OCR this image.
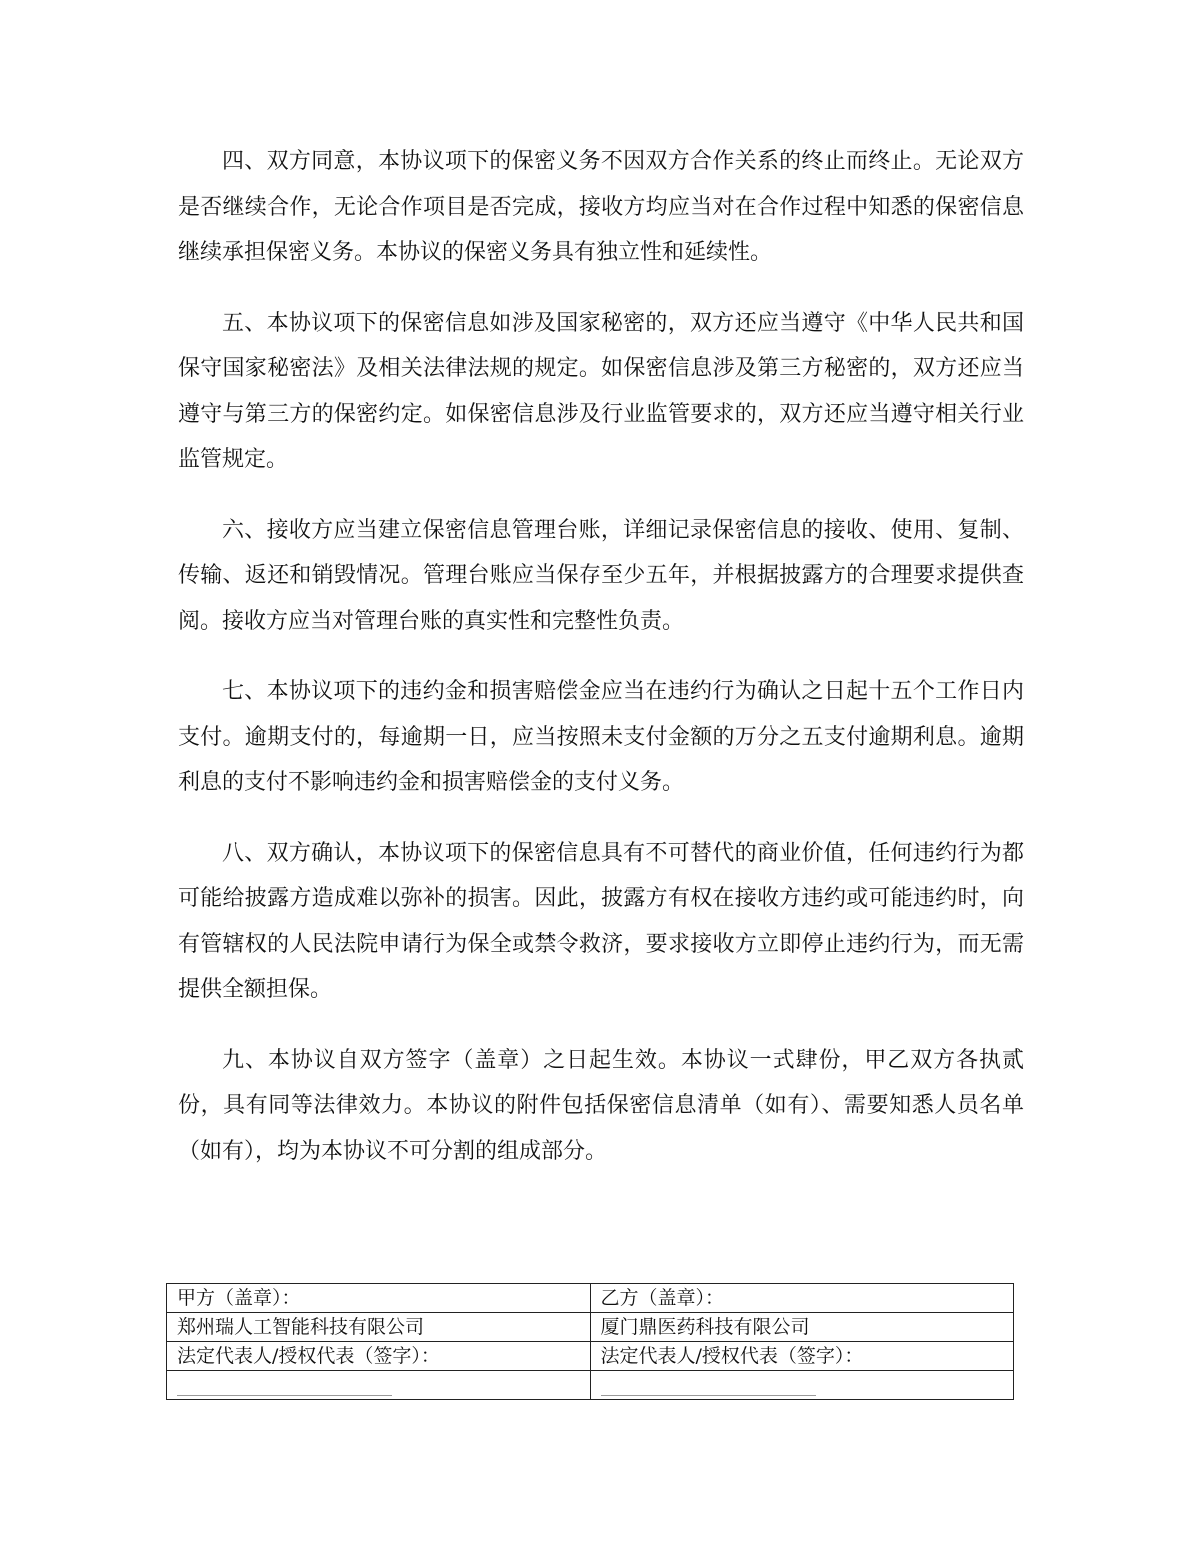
四、双方同意，本协议项下的保密义务不因双方合作关系的终止而终止。无论双方是否继续合作，无论合作项目是否完成，接收方均应当对在合作过程中知悉的保密信息继续承担保密义务。本协议的保密义务具有独立性和延续性。

五、本协议项下的保密信息如涉及国家秘密的，双方还应当遵守《中华人民共和国保守国家秘密法》及相关法律法规的规定。如保密信息涉及第三方秘密的，双方还应当遵守与第三方的保密约定。如保密信息涉及行业监管要求的，双方还应当遵守相关行业监管规定。

六、接收方应当建立保密信息管理台账，详细记录保密信息的接收、使用、复制、传输、返还和销毁情况。管理台账应当保存至少五年，并根据披露方的合理要求提供查阅。接收方应当对管理台账的真实性和完整性负责。

七、本协议项下的违约金和损害赔偿金应当在违约行为确认之日起十五个工作日内支付。逾期支付的，每逾期一日，应当按照未支付金额的万分之五支付逾期利息。逾期利息的支付不影响违约金和损害赔偿金的支付义务。

八、双方确认，本协议项下的保密信息具有不可替代的商业价值，任何违约行为都可能给披露方造成难以弥补的损害。因此，披露方有权在接收方违约或可能违约时，向有管辖权的人民法院申请行为保全或禁令救济，要求接收方立即停止违约行为，而无需提供全额担保。

九、本协议自双方签字（盖章）之日起生效。本协议一式肆份，甲乙双方各执贰份，具有同等法律效力。本协议的附件包括保密信息清单（如有）、需要知悉人员名单（如有），均为本协议不可分割的组成部分。

甲方（盖章）：	乙方（盖章）：
郑州瑞人工智能科技有限公司	厦门鼎医药科技有限公司
法定代表人/授权代表（签字）：	法定代表人/授权代表（签字）：
